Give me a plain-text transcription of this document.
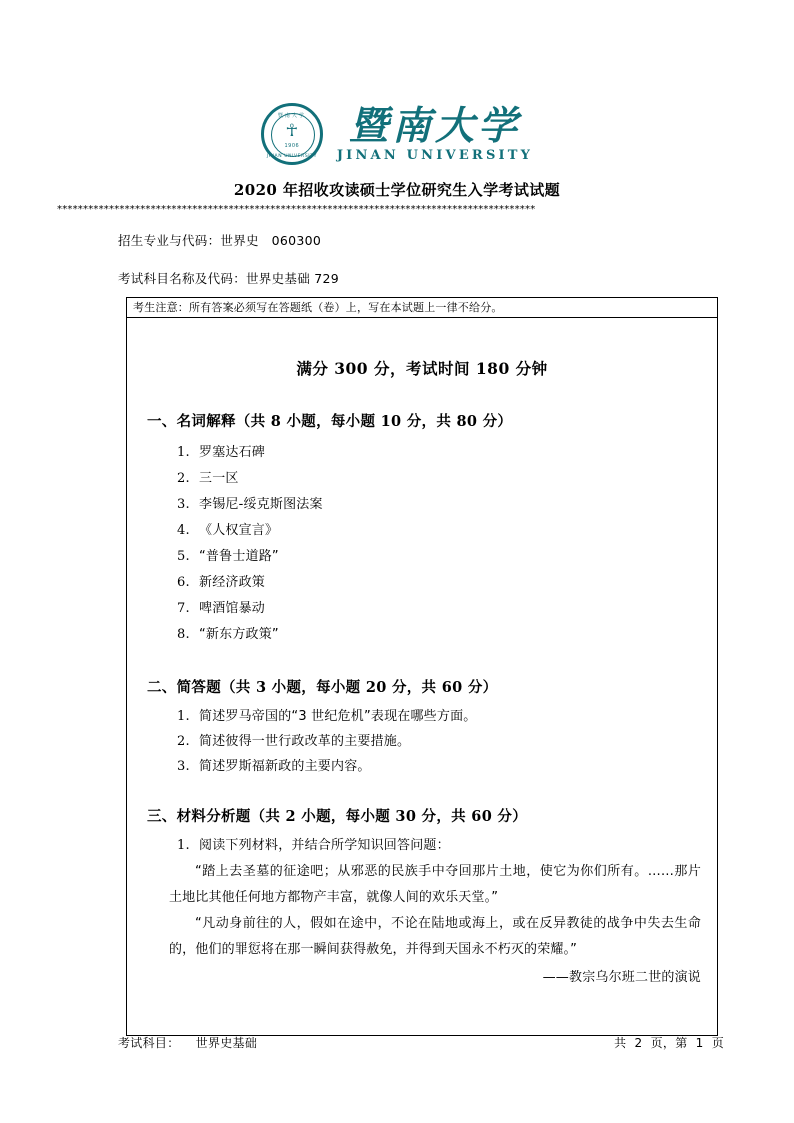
暨南大学
☥
1906
JINAN UNIVERSITY
暨南大学
JINAN UNIVERSITY
2020 年招收攻读硕士学位研究生入学考试试题
********************************************************************************************
招生专业与代码：世界史　060300
考试科目名称及代码：世界史基础 729
考生注意：所有答案必须写在答题纸（卷）上，写在本试题上一律不给分。
满分 300 分，考试时间 180 分钟
一、名词解释（共 8 小题，每小题 10 分，共 80 分）
1. 罗塞达石碑
2. 三一区
3. 李锡尼-绥克斯图法案
4. 《人权宣言》
5. “普鲁士道路”
6. 新经济政策
7. 啤酒馆暴动
8. “新东方政策”
二、简答题（共 3 小题，每小题 20 分，共 60 分）
1. 简述罗马帝国的“3 世纪危机”表现在哪些方面。
2. 简述彼得一世行政改革的主要措施。
3. 简述罗斯福新政的主要内容。
三、材料分析题（共 2 小题，每小题 30 分，共 60 分）
1. 阅读下列材料，并结合所学知识回答问题：
“踏上去圣墓的征途吧；从邪恶的民族手中夺回那片土地，使它为你们所有。……那片土地比其他任何地方都物产丰富，就像人间的欢乐天堂。”
“凡动身前往的人，假如在途中，不论在陆地或海上，或在反异教徒的战争中失去生命的，他们的罪愆将在那一瞬间获得赦免，并得到天国永不朽灭的荣耀。”
——教宗乌尔班二世的演说
考试科目： 世界史基础	共 2 页，第 1 页
